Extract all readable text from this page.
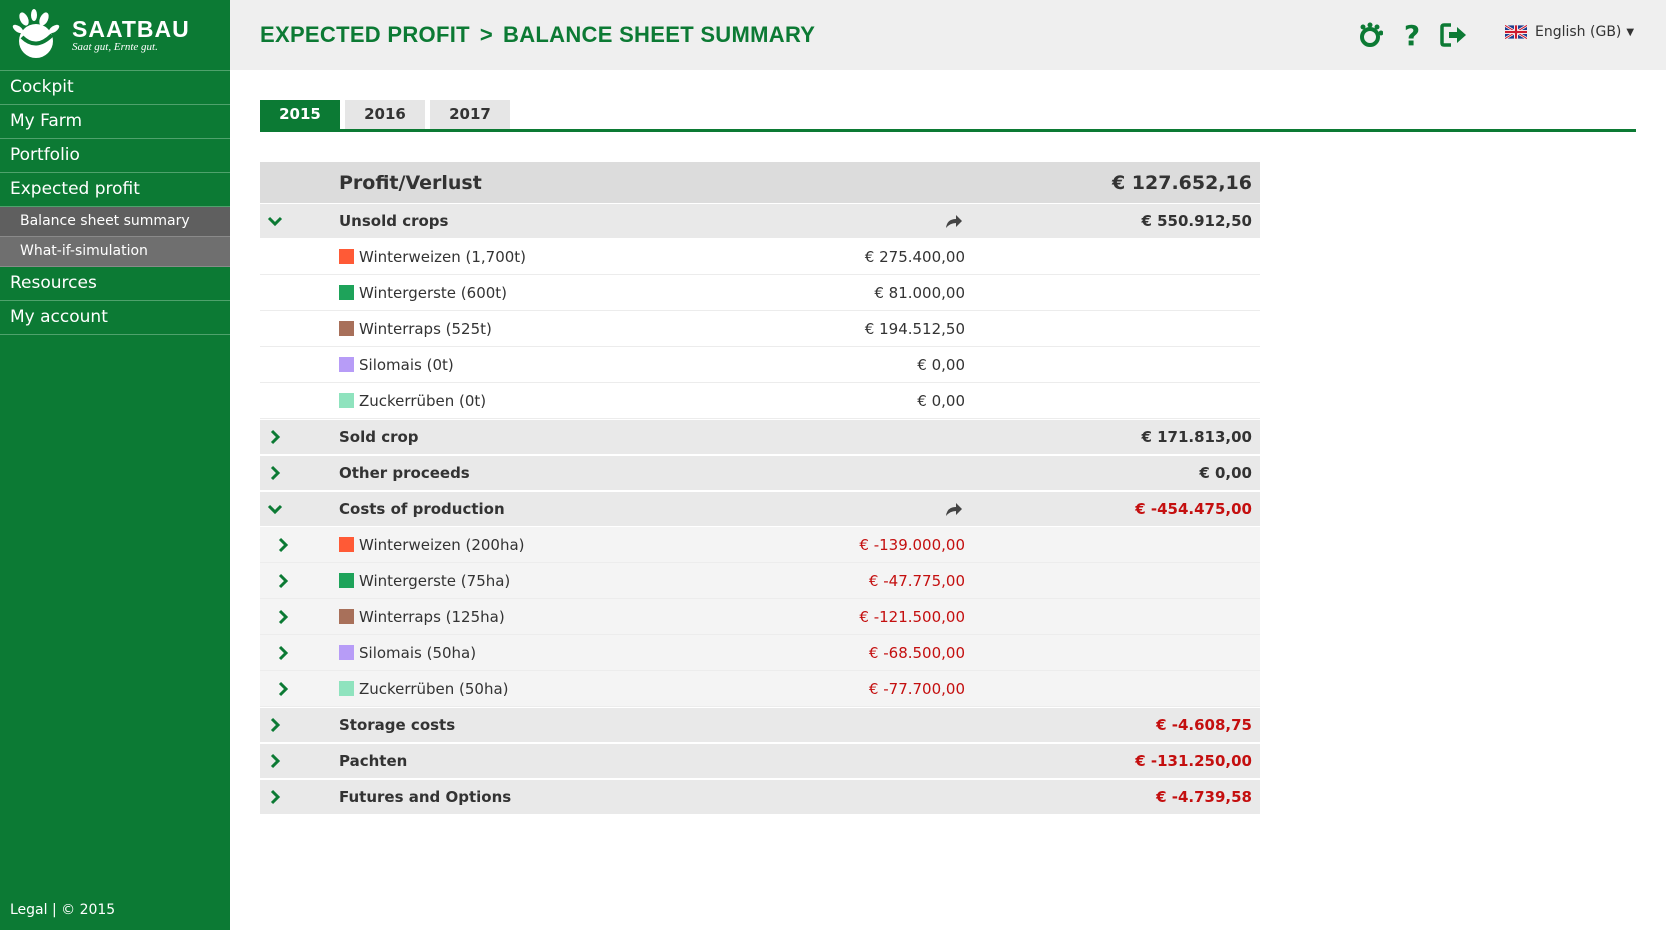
SAATBAU
Saat gut, Ernte gut.
Cockpit
My Farm
Portfolio
Expected profit
Balance sheet summary
What-if-simulation
Resources
My account
Legal | © 2015
EXPECTED PROFIT > BALANCE SHEET SUMMARY	?	English (GB) ▼
2015	2016	2017
Profit/Verlust	€ 127.652,16
Unsold crops	€ 550.912,50
Winterweizen (1,700t)	€ 275.400,00
Wintergerste (600t)	€ 81.000,00
Winterraps (525t)	€ 194.512,50
Silomais (0t)	€ 0,00
Zuckerrüben (0t)	€ 0,00
Sold crop	€ 171.813,00
Other proceeds	€ 0,00
Costs of production	€ -454.475,00
Winterweizen (200ha)	€ -139.000,00
Wintergerste (75ha)	€ -47.775,00
Winterraps (125ha)	€ -121.500,00
Silomais (50ha)	€ -68.500,00
Zuckerrüben (50ha)	€ -77.700,00
Storage costs	€ -4.608,75
Pachten	€ -131.250,00
Futures and Options	€ -4.739,58
